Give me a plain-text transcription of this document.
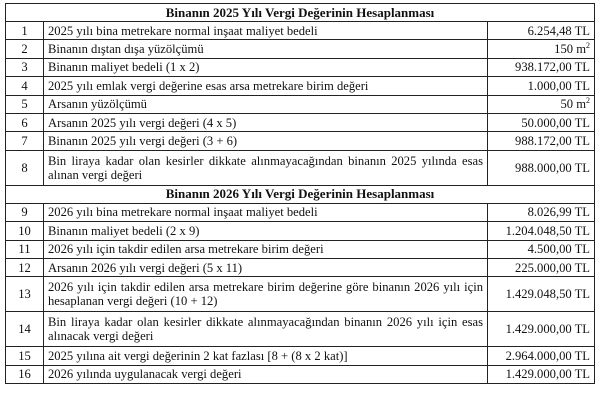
Binanın 2025 Yılı Vergi Değerinin Hesaplanması		
1	2025 yılı bina metrekare normal inşaat maliyet bedeli	6.254,48 TL
2	Binanın dıştan dışa yüzölçümü	150 $m^2$
3	Binanın maliyet bedeli (1 x 2)	938.172,00 TL
4	2025 yılı emlak vergi değerine esas arsa metrekare birim değeri	1.000,00 TL
5	Arsanın yüzölçümü	50 $m^2$
6	Arsanın 2025 yılı vergi değeri (4 x 5)	50.000,00 TL
7	Binanın 2025 yılı vergi değeri (3 + 6)	988.172,00 TL
8	Bin liraya kadar olan kesirler dikkate alınmayacağından binanın 2025 yılında esas alınan vergi değeri	988.000,00 TL
Binanın 2026 Yılı Vergi Değerinin Hesaplanması		
9	2026 yılı bina metrekare normal inşaat maliyet bedeli	8.026,99 TL
10	Binanın maliyet bedeli (2 x 9)	1.204.048,50 TL
11	2026 yılı için takdir edilen arsa metrekare birim değeri	4.500,00 TL
12	Arsanın 2026 yılı vergi değeri (5 x 11)	225.000,00 TL
13	2026 yılı için takdir edilen arsa metrekare birim değerine göre binanın 2026 yılı için hesaplanan vergi değeri (10 + 12)	1.429.048,50 TL
14	Bin liraya kadar olan kesirler dikkate alınmayacağından binanın 2026 yılı için esas alınacak vergi değeri	1.429.000,00 TL
15	2025 yılına ait vergi değerinin 2 kat fazlası [8 + (8 x 2 kat)]	2.964.000,00 TL
16	2026 yılında uygulanacak vergi değeri	1.429.000,00 TL
